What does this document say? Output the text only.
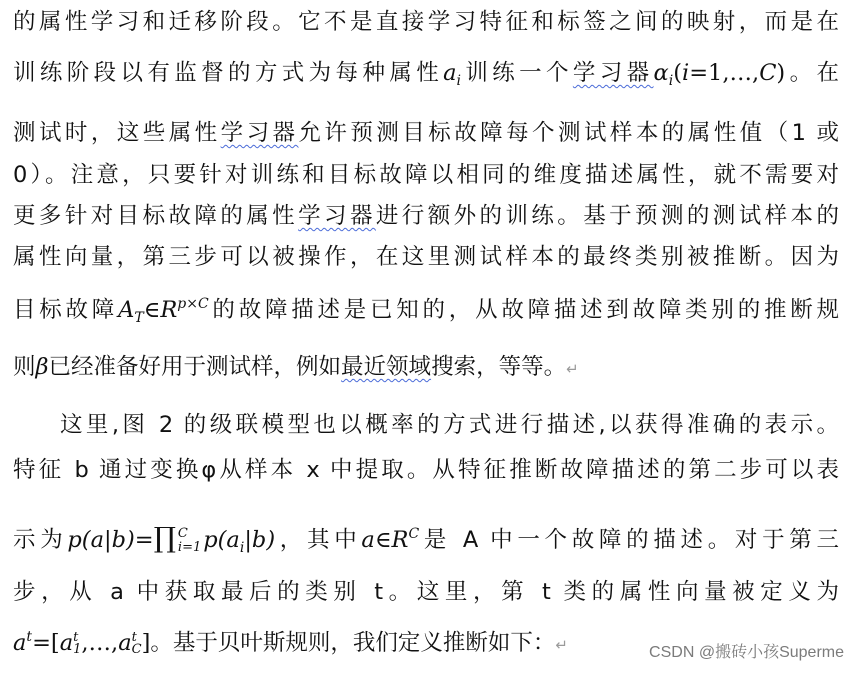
的属性学习和迁移阶段。它不是直接学习特征和标签之间的映射，而是在
训练阶段以有监督的方式为每种属性$a_i$训练一个学习器$\alpha_i(i=1,\dots,C)$。在
测试时，这些属性学习器允许预测目标故障每个测试样本的属性值（1 或
0）。注意，只要针对训练和目标故障以相同的维度描述属性，就不需要对
更多针对目标故障的属性学习器进行额外的训练。基于预测的测试样本的
属性向量，第三步可以被操作，在这里测试样本的最终类别被推断。因为
目标故障$A_T\in R^{p\times C}$的故障描述是已知的，从故障描述到故障类别的推断规
则β已经准备好用于测试样，例如最近领域搜索，等等。↵
这里,图 2 的级联模型也以概率的方式进行描述,以获得准确的表示。
特征 b 通过变换φ从样本 x 中提取。从特征推断故障描述的第二步可以表
示为p(a|b)=∏ C
i=1 $p(a_i|b)$，其中$a\in R^C$是 A 中一个故障的描述。对于第三
步，从 a 中获取最后的类别 t。这里，第 t 类的属性向量被定义为
$a^t=[a$ t
1 ,…,a t
C ]。基于贝叶斯规则，我们定义推断如下：↵	CSDN @搬砖小孩Superme
